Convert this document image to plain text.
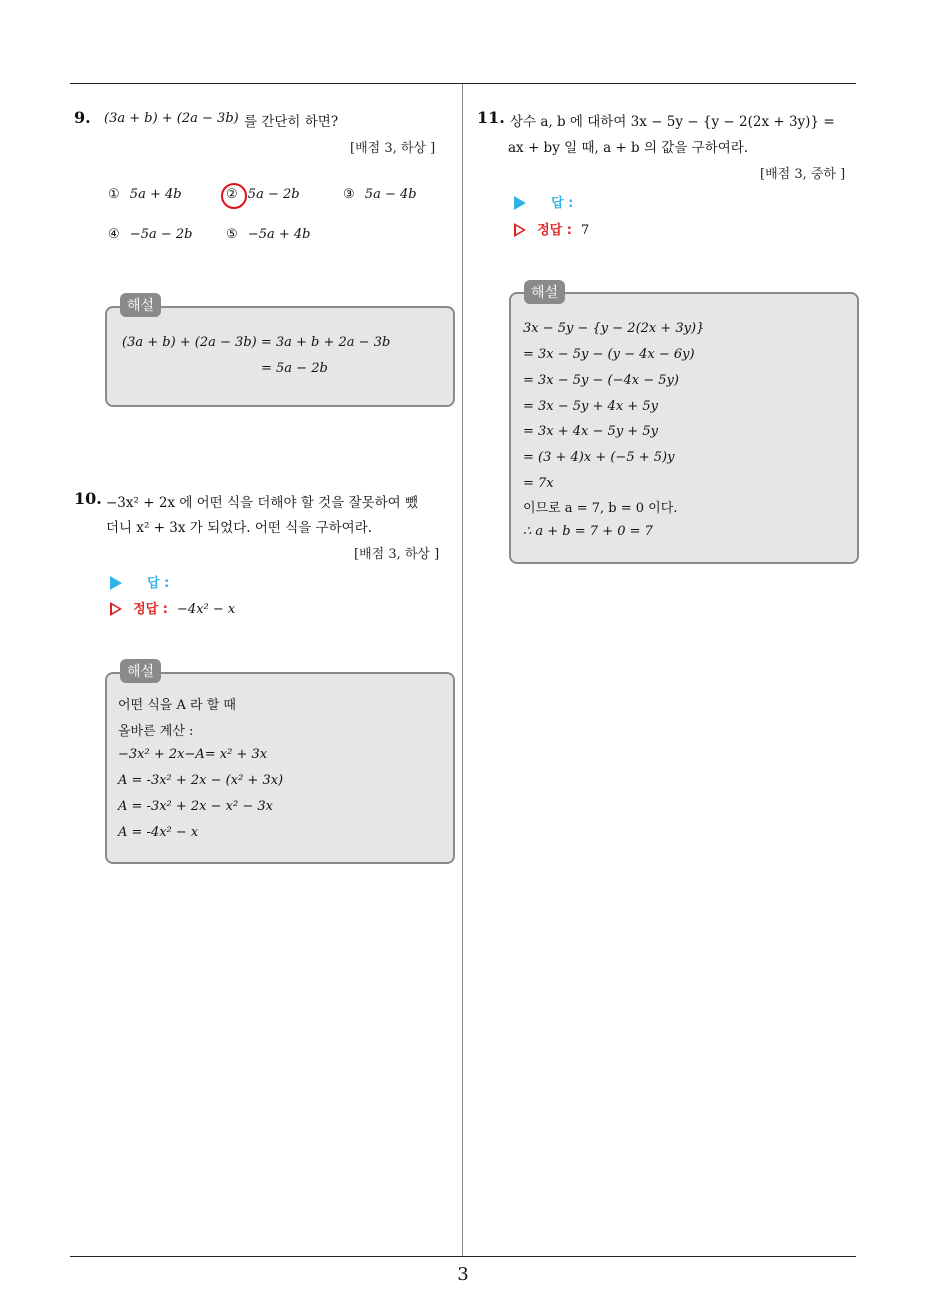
9. (3a + b) + (2a − 3b) 를 간단히 하면?
[배점 3, 하상 ]
① 5a + 4b	② 5a − 2b	③ 5a − 4b
④ −5a − 2b	⑤ −5a + 4b
해설
(3a + b) + (2a − 3b) = 3a + b + 2a − 3b
= 5a − 2b
10. −3x² + 2x 에 어떤 식을 더해야 할 것을 잘못하여 뺐
더니 x² + 3x 가 되었다. 어떤 식을 구하여라.
[배점 3, 하상 ]
답 :
정답 : −4x² − x
해설
어떤 식을 A 라 할 때
올바른 계산 :
−3x² + 2x−A= x² + 3x
A = -3x² + 2x − (x² + 3x)
A = -3x² + 2x − x² − 3x
A = -4x² − x
11. 상수 a, b 에 대하여 3x − 5y − {y − 2(2x + 3y)} =
ax + by 일 때, a + b 의 값을 구하여라.
[배점 3, 중하 ]
답 :
정답 : 7
해설
3x − 5y − {y − 2(2x + 3y)}
= 3x − 5y − (y − 4x − 6y)
= 3x − 5y − (−4x − 5y)
= 3x − 5y + 4x + 5y
= 3x + 4x − 5y + 5y
= (3 + 4)x + (−5 + 5)y
= 7x
이므로 a = 7, b = 0 이다.
∴ a + b = 7 + 0 = 7
3
